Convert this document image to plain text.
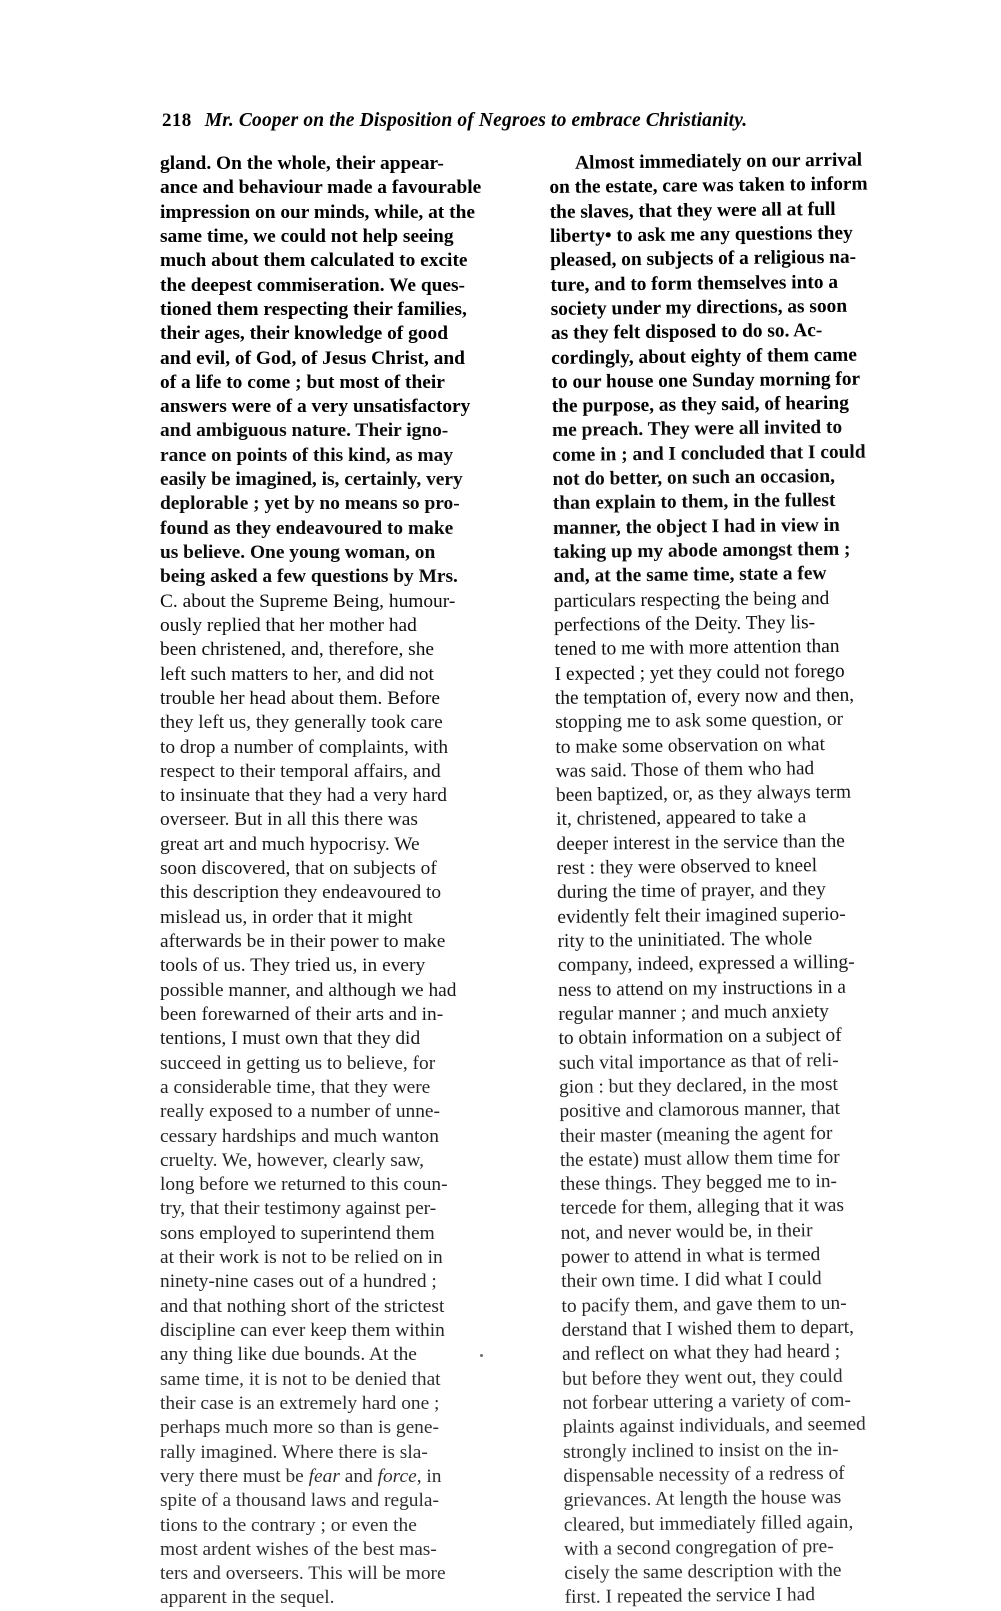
218 Mr. Cooper on the Disposition of Negroes to embrace Christianity.
gland. On the whole, their appear-
ance and behaviour made a favourable
impression on our minds, while, at the
same time, we could not help seeing
much about them calculated to excite
the deepest commiseration. We ques-
tioned them respecting their families,
their ages, their knowledge of good
and evil, of God, of Jesus Christ, and
of a life to come ; but most of their
answers were of a very unsatisfactory
and ambiguous nature. Their igno-
rance on points of this kind, as may
easily be imagined, is, certainly, very
deplorable ; yet by no means so pro-
found as they endeavoured to make
us believe. One young woman, on
being asked a few questions by Mrs.
C. about the Supreme Being, humour-
ously replied that her mother had
been christened, and, therefore, she
left such matters to her, and did not
trouble her head about them. Before
they left us, they generally took care
to drop a number of complaints, with
respect to their temporal affairs, and
to insinuate that they had a very hard
overseer. But in all this there was
great art and much hypocrisy. We
soon discovered, that on subjects of
this description they endeavoured to
mislead us, in order that it might
afterwards be in their power to make
tools of us. They tried us, in every
possible manner, and although we had
been forewarned of their arts and in-
tentions, I must own that they did
succeed in getting us to believe, for
a considerable time, that they were
really exposed to a number of unne-
cessary hardships and much wanton
cruelty. We, however, clearly saw,
long before we returned to this coun-
try, that their testimony against per-
sons employed to superintend them
at their work is not to be relied on in
ninety-nine cases out of a hundred ;
and that nothing short of the strictest
discipline can ever keep them within
any thing like due bounds. At the
same time, it is not to be denied that
their case is an extremely hard one ;
perhaps much more so than is gene-
rally imagined. Where there is sla-
very there must be fear and force, in
spite of a thousand laws and regula-
tions to the contrary ; or even the
most ardent wishes of the best mas-
ters and overseers. This will be more
apparent in the sequel.
Almost immediately on our arrival
on the estate, care was taken to inform
the slaves, that they were all at full
liberty• to ask me any questions they
pleased, on subjects of a religious na-
ture, and to form themselves into a
society under my directions, as soon
as they felt disposed to do so. Ac-
cordingly, about eighty of them came
to our house one Sunday morning for
the purpose, as they said, of hearing
me preach. They were all invited to
come in ; and I concluded that I could
not do better, on such an occasion,
than explain to them, in the fullest
manner, the object I had in view in
taking up my abode amongst them ;
and, at the same time, state a few
particulars respecting the being and
perfections of the Deity. They lis-
tened to me with more attention than
I expected ; yet they could not forego
the temptation of, every now and then,
stopping me to ask some question, or
to make some observation on what
was said. Those of them who had
been baptized, or, as they always term
it, christened, appeared to take a
deeper interest in the service than the
rest : they were observed to kneel
during the time of prayer, and they
evidently felt their imagined superio-
rity to the uninitiated. The whole
company, indeed, expressed a willing-
ness to attend on my instructions in a
regular manner ; and much anxiety
to obtain information on a subject of
such vital importance as that of reli-
gion : but they declared, in the most
positive and clamorous manner, that
their master (meaning the agent for
the estate) must allow them time for
these things. They begged me to in-
tercede for them, alleging that it was
not, and never would be, in their
power to attend in what is termed
their own time. I did what I could
to pacify them, and gave them to un-
derstand that I wished them to depart,
and reflect on what they had heard ;
but before they went out, they could
not forbear uttering a variety of com-
plaints against individuals, and seemed
strongly inclined to insist on the in-
dispensable necessity of a redress of
grievances. At length the house was
cleared, but immediately filled again,
with a second congregation of pre-
cisely the same description with the
first. I repeated the service I had
